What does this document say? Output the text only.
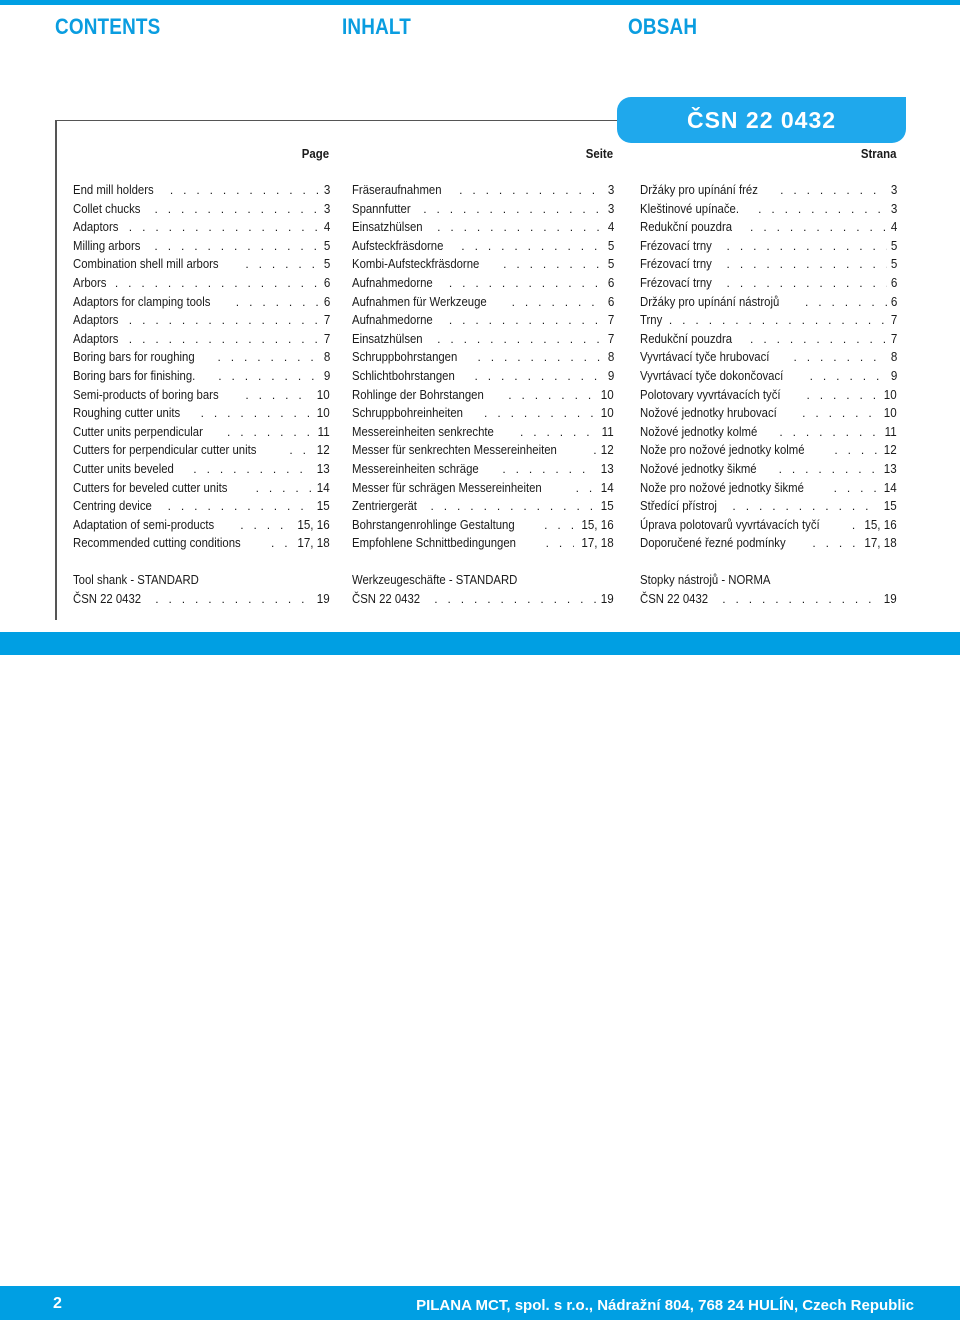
CONTENTS	INHALT	OBSAH
ČSN 22 0432
Page	Seite	Strana
End mill holders . . .	3
Collet chucks . . .	3
Adaptors . . .	4
Milling arbors . . .	5
Combination shell mill arbors . . .	5
Arbors . . .	6
Adaptors for clamping tools . . .	6
Adaptors . . .	7
Adaptors . . .	7
Boring bars for roughing . . .	8
Boring bars for finishing. . . .	9
Semi-products of boring bars . . .	10
Roughing cutter units . . .	10
Cutter units perpendicular . . .	11
Cutters for perpendicular cutter units . . .	12
Cutter units beveled . . .	13
Cutters for beveled cutter units . . .	14
Centring device . . .	15
Adaptation of semi-products . . .	15, 16
Recommended cutting conditions . . .	17, 18
Fräseraufnahmen . . .	3
Spannfutter . . .	3
Einsatzhülsen . . .	4
Aufsteckfräsdorne . . .	5
Kombi-Aufsteckfräsdorne . . .	5
Aufnahmedorne . . .	6
Aufnahmen für Werkzeuge . . .	6
Aufnahmedorne . . .	7
Einsatzhülsen . . .	7
Schruppbohrstangen . . .	8
Schlichtbohrstangen . . .	9
Rohlinge der Bohrstangen . . .	10
Schruppbohreinheiten . . .	10
Messereinheiten senkrechte . . .	11
Messer für senkrechten Messereinheiten . . .	12
Messereinheiten schräge . . .	13
Messer für schrägen Messereinheiten . . .	14
Zentriergerät . . .	15
Bohrstangenrohlinge Gestaltung . . .	15, 16
Empfohlene Schnittbedingungen . . .	17, 18
Držáky pro upínání fréz . . .	3
Kleštinové upínače. . . .	3
Redukční pouzdra . . .	4
Frézovací trny . . .	5
Frézovací trny . . .	5
Frézovací trny . . .	6
Držáky pro upínání nástrojů . . .	6
Trny . . .	7
Redukční pouzdra . . .	7
Vyvrtávací tyče hrubovací . . .	8
Vyvrtávací tyče dokončovací . . .	9
Polotovary vyvrtávacích tyčí . . .	10
Nožové jednotky hrubovací . . .	10
Nožové jednotky kolmé . . .	11
Nože pro nožové jednotky kolmé . . .	12
Nožové jednotky šikmé . . .	13
Nože pro nožové jednotky šikmé . . .	14
Středící přístroj . . .	15
Úprava polotovarů vyvrtávacích tyčí . . .	15, 16
Doporučené řezné podmínky . . .	17, 18
Tool shank - STANDARD
ČSN 22 0432 . . .	19
Werkzeugeschäfte - STANDARD
ČSN 22 0432 . . .	19
Stopky nástrojů - NORMA
ČSN 22 0432 . . .	19
2	PILANA MCT, spol. s r.o., Nádražní 804, 768 24 HULÍN, Czech Republic
